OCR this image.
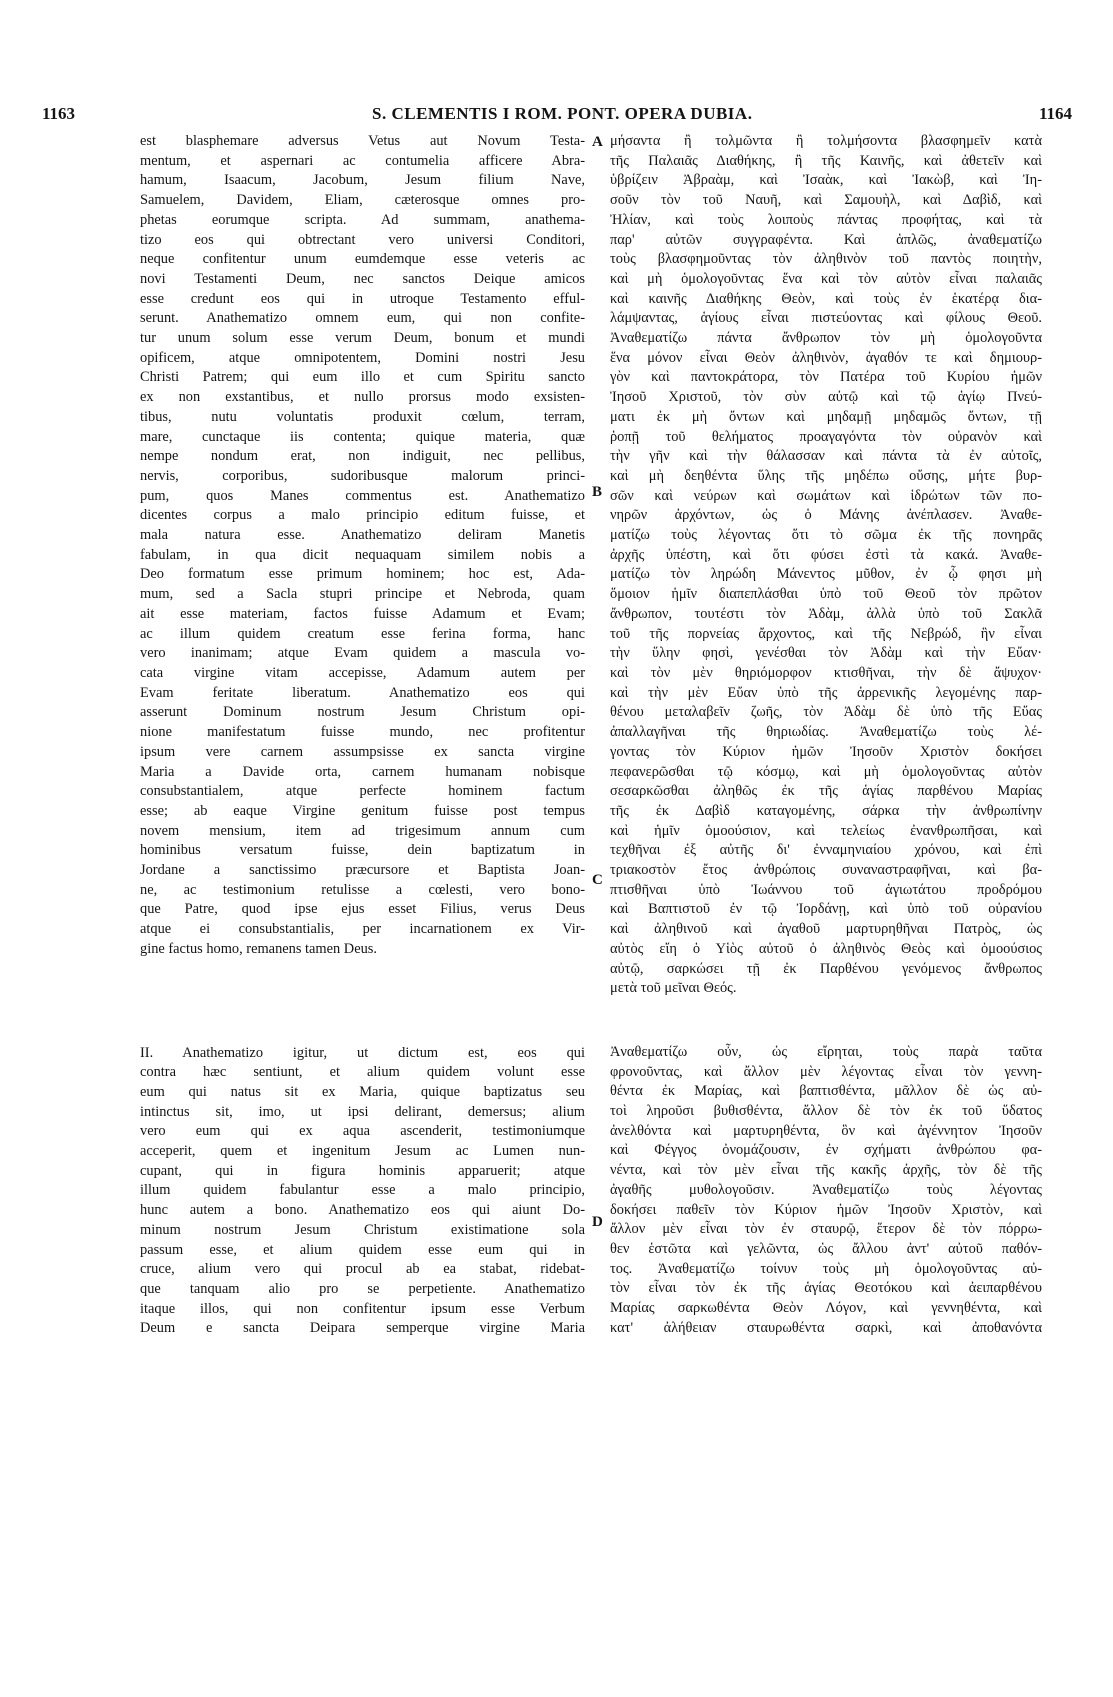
1163	S. CLEMENTIS I ROM. PONT. OPERA DUBIA.	1164
A
B
C
D
est blasphemare adversus Vetus aut Novum Testa-
mentum, et aspernari ac contumelia afficere Abra-
hamum, Isaacum, Jacobum, Jesum filium Nave,
Samuelem, Davidem, Eliam, cæterosque omnes pro-
phetas eorumque scripta. Ad summam, anathema-
tizo eos qui obtrectant vero universi Conditori,
neque confitentur unum eumdemque esse veteris ac
novi Testamenti Deum, nec sanctos Deique amicos
esse credunt eos qui in utroque Testamento efful-
serunt. Anathematizo omnem eum, qui non confite-
tur unum solum esse verum Deum, bonum et mundi
opificem, atque omnipotentem, Domini nostri Jesu
Christi Patrem; qui eum illo et cum Spiritu sancto
ex non exstantibus, et nullo prorsus modo exsisten-
tibus, nutu voluntatis produxit cœlum, terram,
mare, cunctaque iis contenta; quique materia, quæ
nempe nondum erat, non indiguit, nec pellibus,
nervis, corporibus, sudoribusque malorum princi-
pum, quos Manes commentus est. Anathematizo
dicentes corpus a malo principio editum fuisse, et
mala natura esse. Anathematizo deliram Manetis
fabulam, in qua dicit nequaquam similem nobis a
Deo formatum esse primum hominem; hoc est, Ada-
mum, sed a Sacla stupri principe et Nebroda, quam
ait esse materiam, factos fuisse Adamum et Evam;
ac illum quidem creatum esse ferina forma, hanc
vero inanimam; atque Evam quidem a mascula vo-
cata virgine vitam accepisse, Adamum autem per
Evam feritate liberatum. Anathematizo eos qui
asserunt Dominum nostrum Jesum Christum opi-
nione manifestatum fuisse mundo, nec profitentur
ipsum vere carnem assumpsisse ex sancta virgine
Maria a Davide orta, carnem humanam nobisque
consubstantialem, atque perfecte hominem factum
esse; ab eaque Virgine genitum fuisse post tempus
novem mensium, item ad trigesimum annum cum
hominibus versatum fuisse, dein baptizatum in
Jordane a sanctissimo præcursore et Baptista Joan-
ne, ac testimonium retulisse a cœlesti, vero bono-
que Patre, quod ipse ejus esset Filius, verus Deus
atque ei consubstantialis, per incarnationem ex Vir-
gine factus homo, remanens tamen Deus.
II. Anathematizo igitur, ut dictum est, eos qui
contra hæc sentiunt, et alium quidem volunt esse
eum qui natus sit ex Maria, quique baptizatus seu
intinctus sit, imo, ut ipsi delirant, demersus; alium
vero eum qui ex aqua ascenderit, testimoniumque
acceperit, quem et ingenitum Jesum ac Lumen nun-
cupant, qui in figura hominis apparuerit; atque
illum quidem fabulantur esse a malo principio,
hunc autem a bono. Anathematizo eos qui aiunt Do-
minum nostrum Jesum Christum existimatione sola
passum esse, et alium quidem esse eum qui in
cruce, alium vero qui procul ab ea stabat, ridebat-
que tanquam alio pro se perpetiente. Anathematizo
itaque illos, qui non confitentur ipsum esse Verbum
Deum e sancta Deipara semperque virgine Maria
μήσαντα ἢ τολμῶντα ἢ τολμήσοντα βλασφημεῖν κατὰ
τῆς Παλαιᾶς Διαθήκης, ἢ τῆς Καινῆς, καὶ ἀθετεῖν καὶ
ὑβρίζειν Ἀβραὰμ, καὶ Ἰσαὰκ, καὶ Ἰακὼβ, καὶ Ἰη-
σοῦν τὸν τοῦ Ναυῆ, καὶ Σαμουὴλ, καὶ Δαβὶδ, καὶ
Ἠλίαν, καὶ τοὺς λοιποὺς πάντας προφήτας, καὶ τὰ
παρ' αὐτῶν συγγραφέντα. Καὶ ἁπλῶς, ἀναθεματίζω
τοὺς βλασφημοῦντας τὸν ἀληθινὸν τοῦ παντὸς ποιητὴν,
καὶ μὴ ὁμολογοῦντας ἕνα καὶ τὸν αὐτὸν εἶναι παλαιᾶς
καὶ καινῆς Διαθήκης Θεὸν, καὶ τοὺς ἐν ἑκατέρᾳ δια-
λάμψαντας, ἁγίους εἶναι πιστεύοντας καὶ φίλους Θεοῦ.
Ἀναθεματίζω πάντα ἄνθρωπον τὸν μὴ ὁμολογοῦντα
ἕνα μόνον εἶναι Θεὸν ἀληθινὸν, ἀγαθόν τε καὶ δημιουρ-
γὸν καὶ παντοκράτορα, τὸν Πατέρα τοῦ Κυρίου ἡμῶν
Ἰησοῦ Χριστοῦ, τὸν σὺν αὐτῷ καὶ τῷ ἁγίῳ Πνεύ-
ματι ἐκ μὴ ὄντων καὶ μηδαμῇ μηδαμῶς ὄντων, τῇ
ῥοπῇ τοῦ θελήματος προαγαγόντα τὸν οὐρανὸν καὶ
τὴν γῆν καὶ τὴν θάλασσαν καὶ πάντα τὰ ἐν αὐτοῖς,
καὶ μὴ δεηθέντα ὕλης τῆς μηδέπω οὔσης, μήτε βυρ-
σῶν καὶ νεύρων καὶ σωμάτων καὶ ἱδρώτων τῶν πο-
νηρῶν ἀρχόντων, ὡς ὁ Μάνης ἀνέπλασεν. Ἀναθε-
ματίζω τοὺς λέγοντας ὅτι τὸ σῶμα ἐκ τῆς πονηρᾶς
ἀρχῆς ὑπέστη, καὶ ὅτι φύσει ἐστὶ τὰ κακά. Ἀναθε-
ματίζω τὸν ληρώδη Μάνεντος μῦθον, ἐν ᾧ φησι μὴ
ὅμοιον ἡμῖν διαπεπλάσθαι ὑπὸ τοῦ Θεοῦ τὸν πρῶτον
ἄνθρωπον, τουτέστι τὸν Ἀδὰμ, ἀλλὰ ὑπὸ τοῦ Σακλᾶ
τοῦ τῆς πορνείας ἄρχοντος, καὶ τῆς Νεβρώδ, ἣν εἶναι
τὴν ὕλην φησὶ, γενέσθαι τὸν Ἀδὰμ καὶ τὴν Εὔαν·
καὶ τὸν μὲν θηριόμορφον κτισθῆναι, τὴν δὲ ἄψυχον·
καὶ τὴν μὲν Εὔαν ὑπὸ τῆς ἀρρενικῆς λεγομένης παρ-
θένου μεταλαβεῖν ζωῆς, τὸν Ἀδὰμ δὲ ὑπὸ τῆς Εὔας
ἀπαλλαγῆναι τῆς θηριωδίας. Ἀναθεματίζω τοὺς λέ-
γοντας τὸν Κύριον ἡμῶν Ἰησοῦν Χριστὸν δοκήσει
πεφανερῶσθαι τῷ κόσμῳ, καὶ μὴ ὁμολογοῦντας αὐτὸν
σεσαρκῶσθαι ἀληθῶς ἐκ τῆς ἁγίας παρθένου Μαρίας
τῆς ἐκ Δαβὶδ καταγομένης, σάρκα τὴν ἀνθρωπίνην
καὶ ἡμῖν ὁμοούσιον, καὶ τελείως ἐνανθρωπῆσαι, καὶ
τεχθῆναι ἐξ αὐτῆς δι' ἐνναμηνιαίου χρόνου, καὶ ἐπὶ
τριακοστὸν ἔτος ἀνθρώποις συναναστραφῆναι, καὶ βα-
πτισθῆναι ὑπὸ Ἰωάννου τοῦ ἁγιωτάτου προδρόμου
καὶ Βαπτιστοῦ ἐν τῷ Ἰορδάνῃ, καὶ ὑπὸ τοῦ οὐρανίου
καὶ ἀληθινοῦ καὶ ἀγαθοῦ μαρτυρηθῆναι Πατρὸς, ὡς
αὐτὸς εἴη ὁ Υἱὸς αὐτοῦ ὁ ἀληθινὸς Θεὸς καὶ ὁμοούσιος
αὐτῷ, σαρκώσει τῇ ἐκ Παρθένου γενόμενος ἄνθρωπος
μετὰ τοῦ μεῖναι Θεός.
Ἀναθεματίζω οὖν, ὡς εἴρηται, τοὺς παρὰ ταῦτα
φρονοῦντας, καὶ ἄλλον μὲν λέγοντας εἶναι τὸν γεννη-
θέντα ἐκ Μαρίας, καὶ βαπτισθέντα, μᾶλλον δὲ ὡς αὐ-
τοὶ ληροῦσι βυθισθέντα, ἄλλον δὲ τὸν ἐκ τοῦ ὕδατος
ἀνελθόντα καὶ μαρτυρηθέντα, ὃν καὶ ἀγέννητον Ἰησοῦν
καὶ Φέγγος ὀνομάζουσιν, ἐν σχήματι ἀνθρώπου φα-
νέντα, καὶ τὸν μὲν εἶναι τῆς κακῆς ἀρχῆς, τὸν δὲ τῆς
ἀγαθῆς μυθολογοῦσιν. Ἀναθεματίζω τοὺς λέγοντας
δοκήσει παθεῖν τὸν Κύριον ἡμῶν Ἰησοῦν Χριστὸν, καὶ
ἄλλον μὲν εἶναι τὸν ἐν σταυρῷ, ἕτερον δὲ τὸν πόρρω-
θεν ἑστῶτα καὶ γελῶντα, ὡς ἄλλου ἀντ' αὐτοῦ παθόν-
τος. Ἀναθεματίζω τοίνυν τοὺς μὴ ὁμολογοῦντας αὐ-
τὸν εἶναι τὸν ἐκ τῆς ἁγίας Θεοτόκου καὶ ἀειπαρθένου
Μαρίας σαρκωθέντα Θεὸν Λόγον, καὶ γεννηθέντα, καὶ
κατ' ἀλήθειαν σταυρωθέντα σαρκὶ, καὶ ἀποθανόντα
